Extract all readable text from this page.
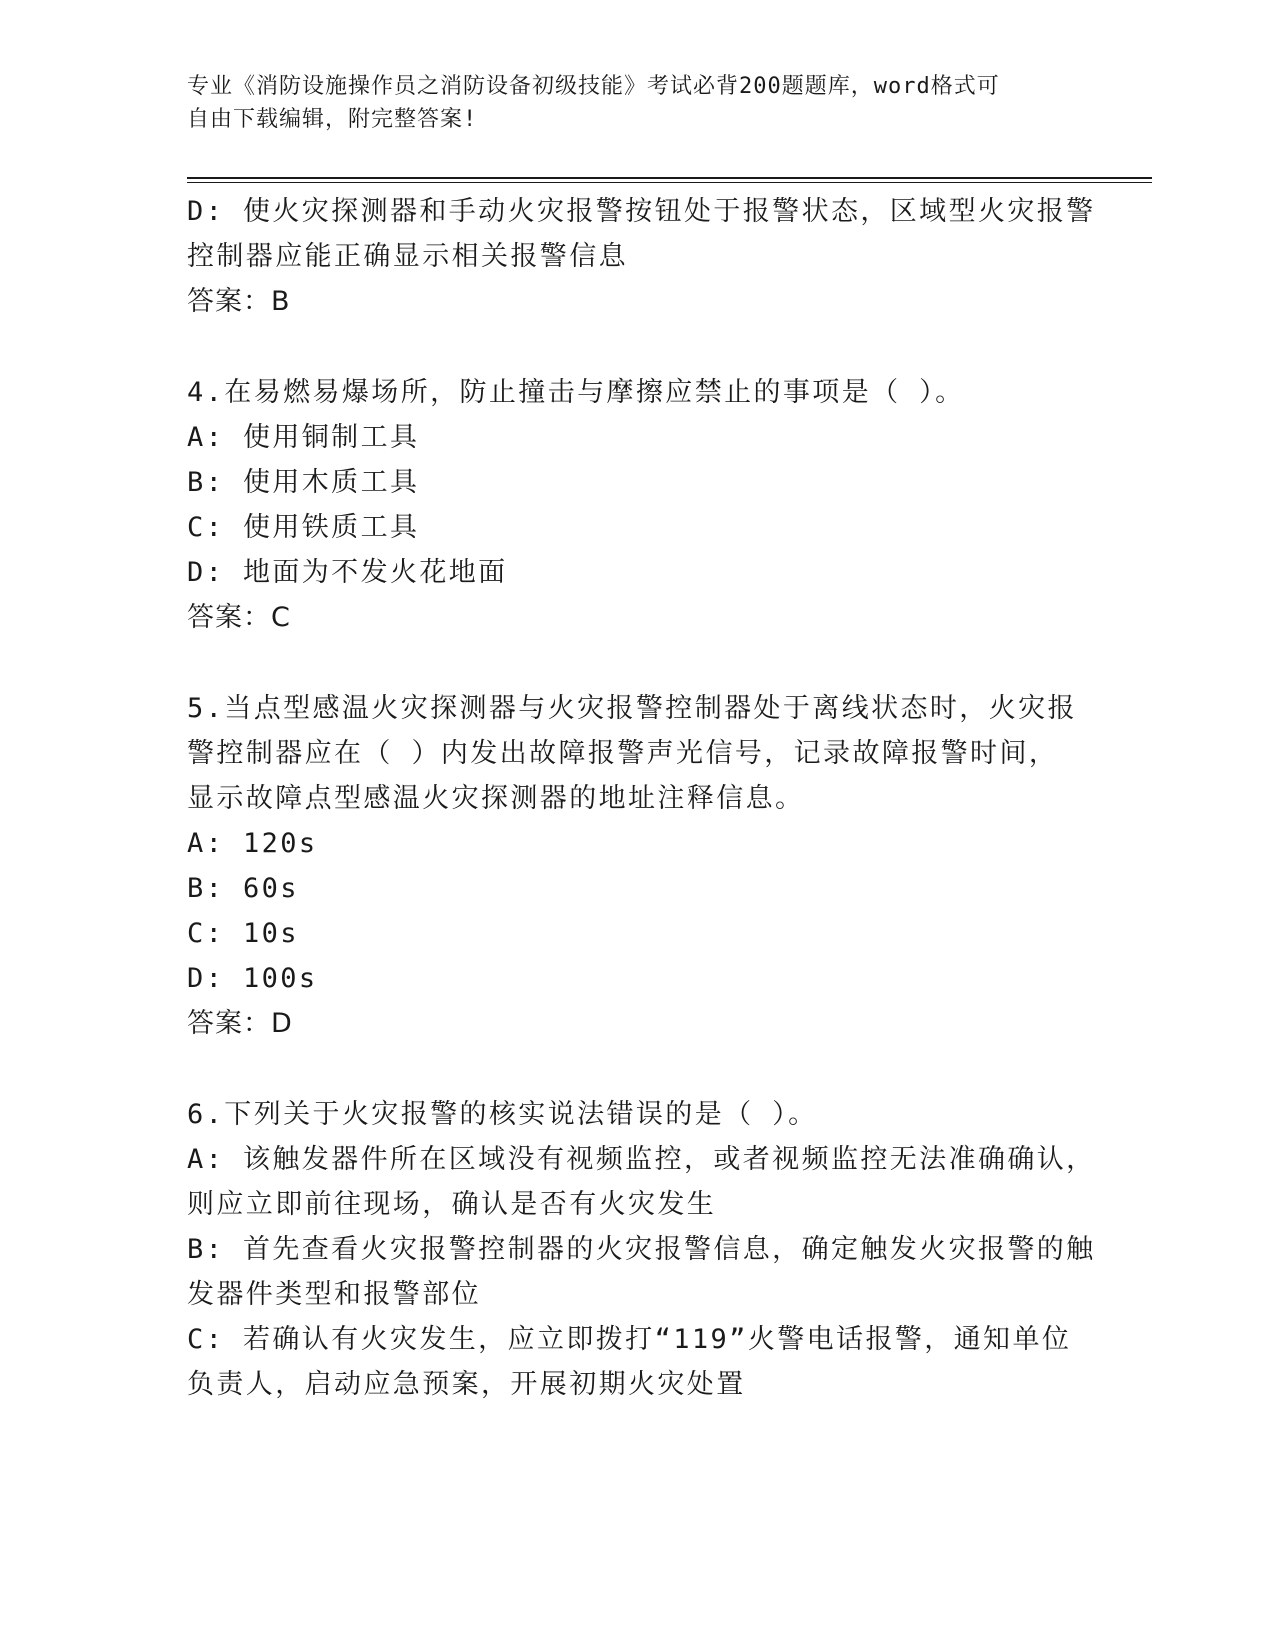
专业《消防设施操作员之消防设备初级技能》考试必背200题题库，word格式可
自由下载编辑，附完整答案!
D: 使火灾探测器和手动火灾报警按钮处于报警状态，区域型火灾报警
控制器应能正确显示相关报警信息
答案：B
4.在易燃易爆场所，防止撞击与摩擦应禁止的事项是（ ）。
A: 使用铜制工具
B: 使用木质工具
C: 使用铁质工具
D: 地面为不发火花地面
答案：C
5.当点型感温火灾探测器与火灾报警控制器处于离线状态时，火灾报
警控制器应在（ ）内发出故障报警声光信号，记录故障报警时间，
显示故障点型感温火灾探测器的地址注释信息。
A: 120s
B: 60s
C: 10s
D: 100s
答案：D
6.下列关于火灾报警的核实说法错误的是（ ）。
A: 该触发器件所在区域没有视频监控，或者视频监控无法准确确认，
则应立即前往现场，确认是否有火灾发生
B: 首先查看火灾报警控制器的火灾报警信息，确定触发火灾报警的触
发器件类型和报警部位
C: 若确认有火灾发生，应立即拨打“119”火警电话报警，通知单位
负责人，启动应急预案，开展初期火灾处置
